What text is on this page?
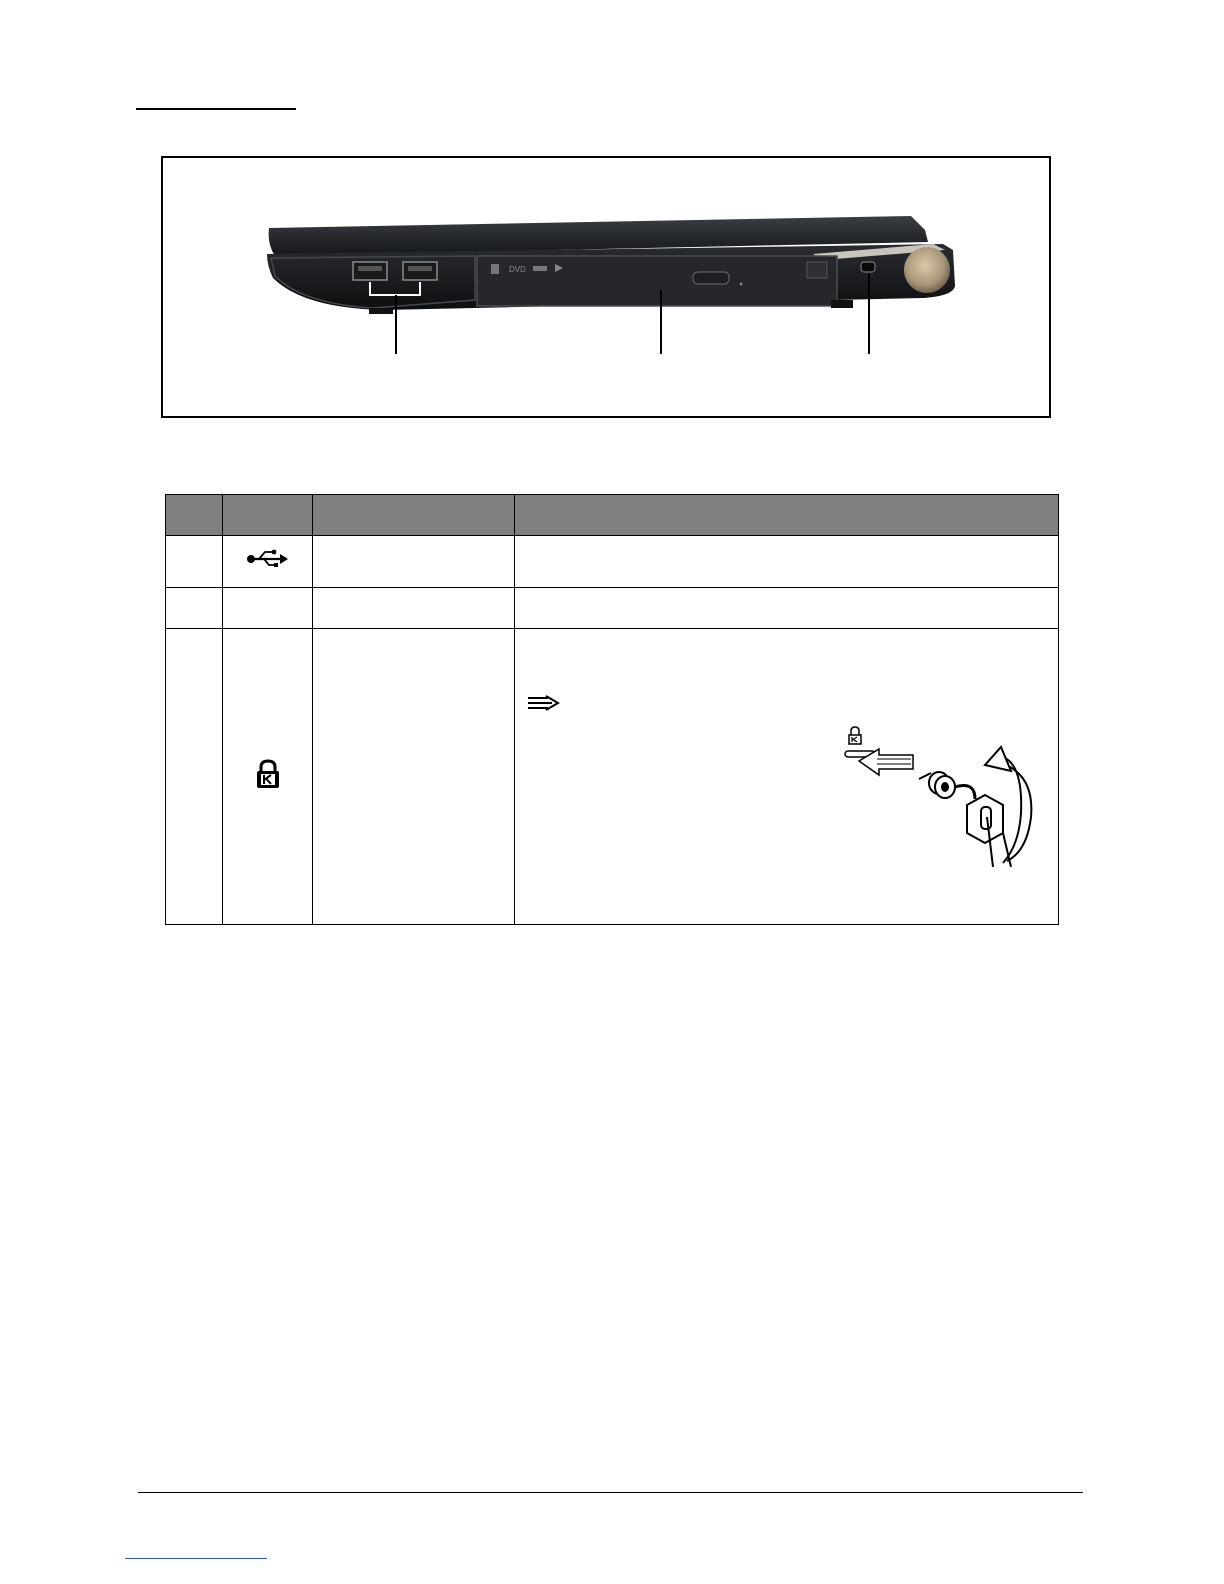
DVD
